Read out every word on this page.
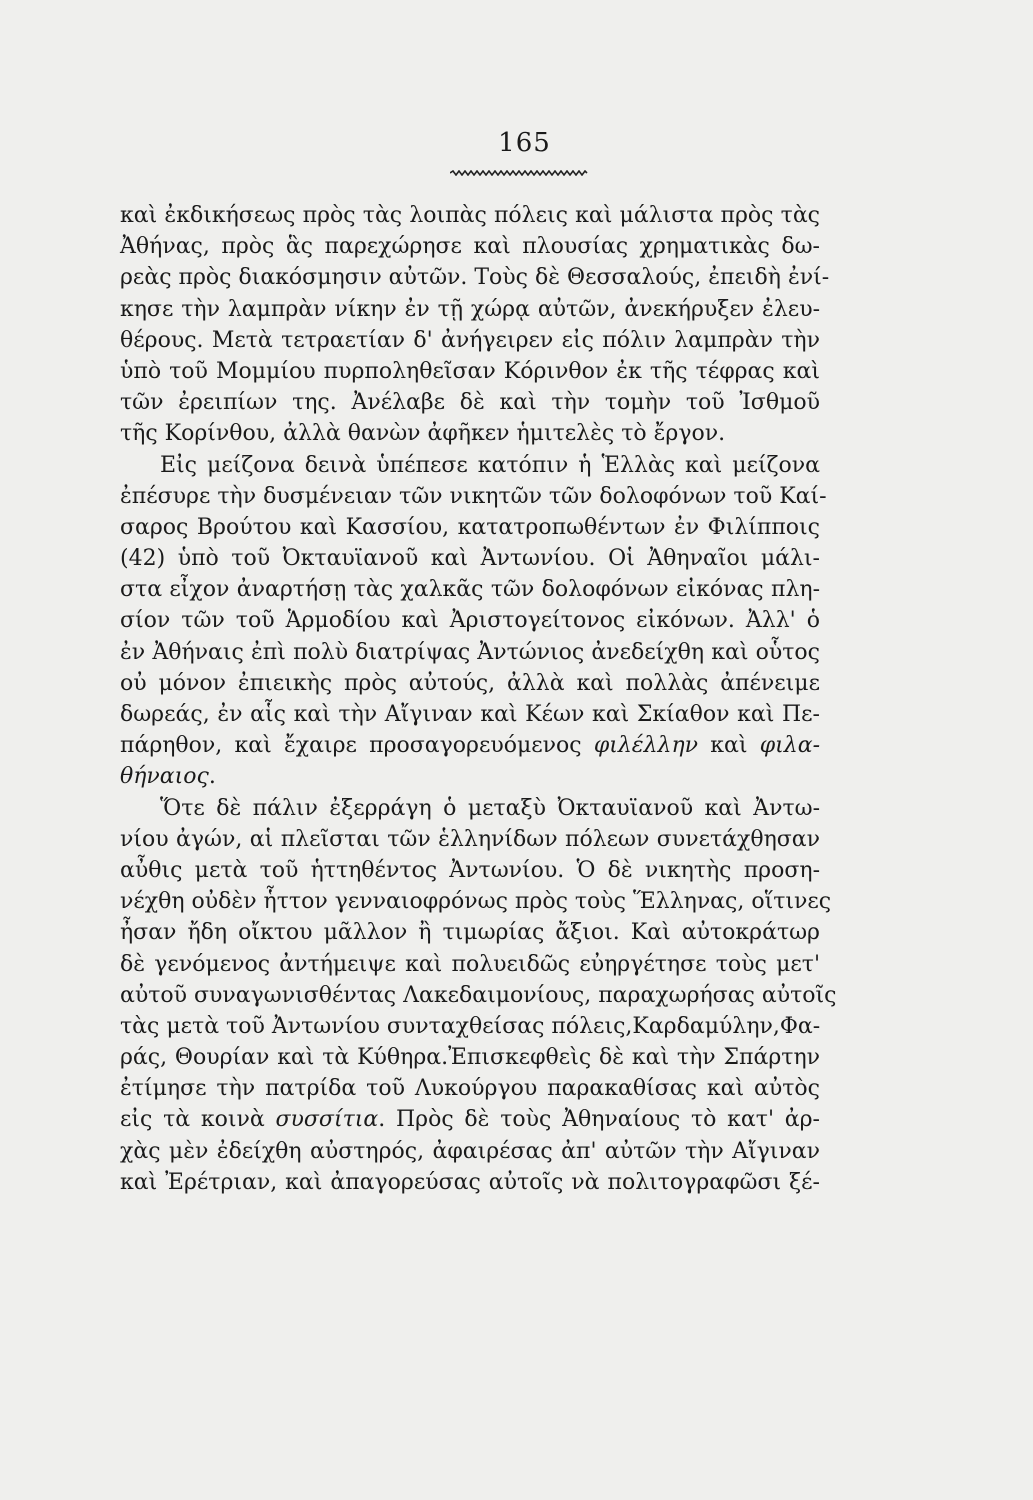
165
καὶ ἐκδικήσεως πρὸς τὰς λοιπὰς πόλεις καὶ μάλιστα πρὸς τὰς
Ἀθήνας, πρὸς ἃς παρεχώρησε καὶ πλουσίας χρηματικὰς δω-
ρεὰς πρὸς διακόσμησιν αὐτῶν. Τοὺς δὲ Θεσσαλούς, ἐπειδὴ ἐνί-
κησε τὴν λαμπρὰν νίκην ἐν τῇ χώρᾳ αὐτῶν, ἀνεκήρυξεν ἐλευ-
θέρους. Μετὰ τετραετίαν δ' ἀνήγειρεν εἰς πόλιν λαμπρὰν τὴν
ὑπὸ τοῦ Μομμίου πυρποληθεῖσαν Κόρινθον ἐκ τῆς τέφρας καὶ
τῶν ἐρειπίων της. Ἀνέλαβε δὲ καὶ τὴν τομὴν τοῦ Ἰσθμοῦ
τῆς Κορίνθου, ἀλλὰ θανὼν ἀφῆκεν ἡμιτελὲς τὸ ἔργον.
Εἰς μείζονα δεινὰ ὑπέπεσε κατόπιν ἡ Ἑλλὰς καὶ μείζονα
ἐπέσυρε τὴν δυσμένειαν τῶν νικητῶν τῶν δολοφόνων τοῦ Καί-
σαρος Βρούτου καὶ Κασσίου, κατατροπωθέντων ἐν Φιλίπποις
(42) ὑπὸ τοῦ Ὀκταυϊανοῦ καὶ Ἀντωνίου. Οἱ Ἀθηναῖοι μάλι-
στα εἶχον ἀναρτήσῃ τὰς χαλκᾶς τῶν δολοφόνων εἰκόνας πλη-
σίον τῶν τοῦ Ἁρμοδίου καὶ Ἀριστογείτονος εἰκόνων. Ἀλλ' ὁ
ἐν Ἀθήναις ἐπὶ πολὺ διατρίψας Ἀντώνιος ἀνεδείχθη καὶ οὗτος
οὐ μόνον ἐπιεικὴς πρὸς αὐτούς, ἀλλὰ καὶ πολλὰς ἀπένειμε
δωρεάς, ἐν αἷς καὶ τὴν Αἴγιναν καὶ Κέων καὶ Σκίαθον καὶ Πε-
πάρηθον, καὶ ἔχαιρε προσαγορευόμενος φιλέλλην καὶ φιλα-
θήναιος.
Ὅτε δὲ πάλιν ἐξερράγη ὁ μεταξὺ Ὀκταυϊανοῦ καὶ Ἀντω-
νίου ἀγών, αἱ πλεῖσται τῶν ἑλληνίδων πόλεων συνετάχθησαν
αὖθις μετὰ τοῦ ἡττηθέντος Ἀντωνίου. Ὁ δὲ νικητὴς προση-
νέχθη οὐδὲν ἧττον γενναιοφρόνως πρὸς τοὺς Ἕλληνας, οἵτινες
ἦσαν ἤδη οἴκτου μᾶλλον ἢ τιμωρίας ἄξιοι. Καὶ αὐτοκράτωρ
δὲ γενόμενος ἀντήμειψε καὶ πολυειδῶς εὐηργέτησε τοὺς μετ'
αὐτοῦ συναγωνισθέντας Λακεδαιμονίους, παραχωρήσας αὐτοῖς
τὰς μετὰ τοῦ Ἀντωνίου συνταχθείσας πόλεις,Καρδαμύλην,Φα-
ράς, Θουρίαν καὶ τὰ Κύθηρα.Ἐπισκεφθεὶς δὲ καὶ τὴν Σπάρτην
ἐτίμησε τὴν πατρίδα τοῦ Λυκούργου παρακαθίσας καὶ αὐτὸς
εἰς τὰ κοινὰ συσσίτια. Πρὸς δὲ τοὺς Ἀθηναίους τὸ κατ' ἀρ-
χὰς μὲν ἐδείχθη αὐστηρός, ἀφαιρέσας ἀπ' αὐτῶν τὴν Αἴγιναν
καὶ Ἐρέτριαν, καὶ ἀπαγορεύσας αὐτοῖς νὰ πολιτογραφῶσι ξέ-
